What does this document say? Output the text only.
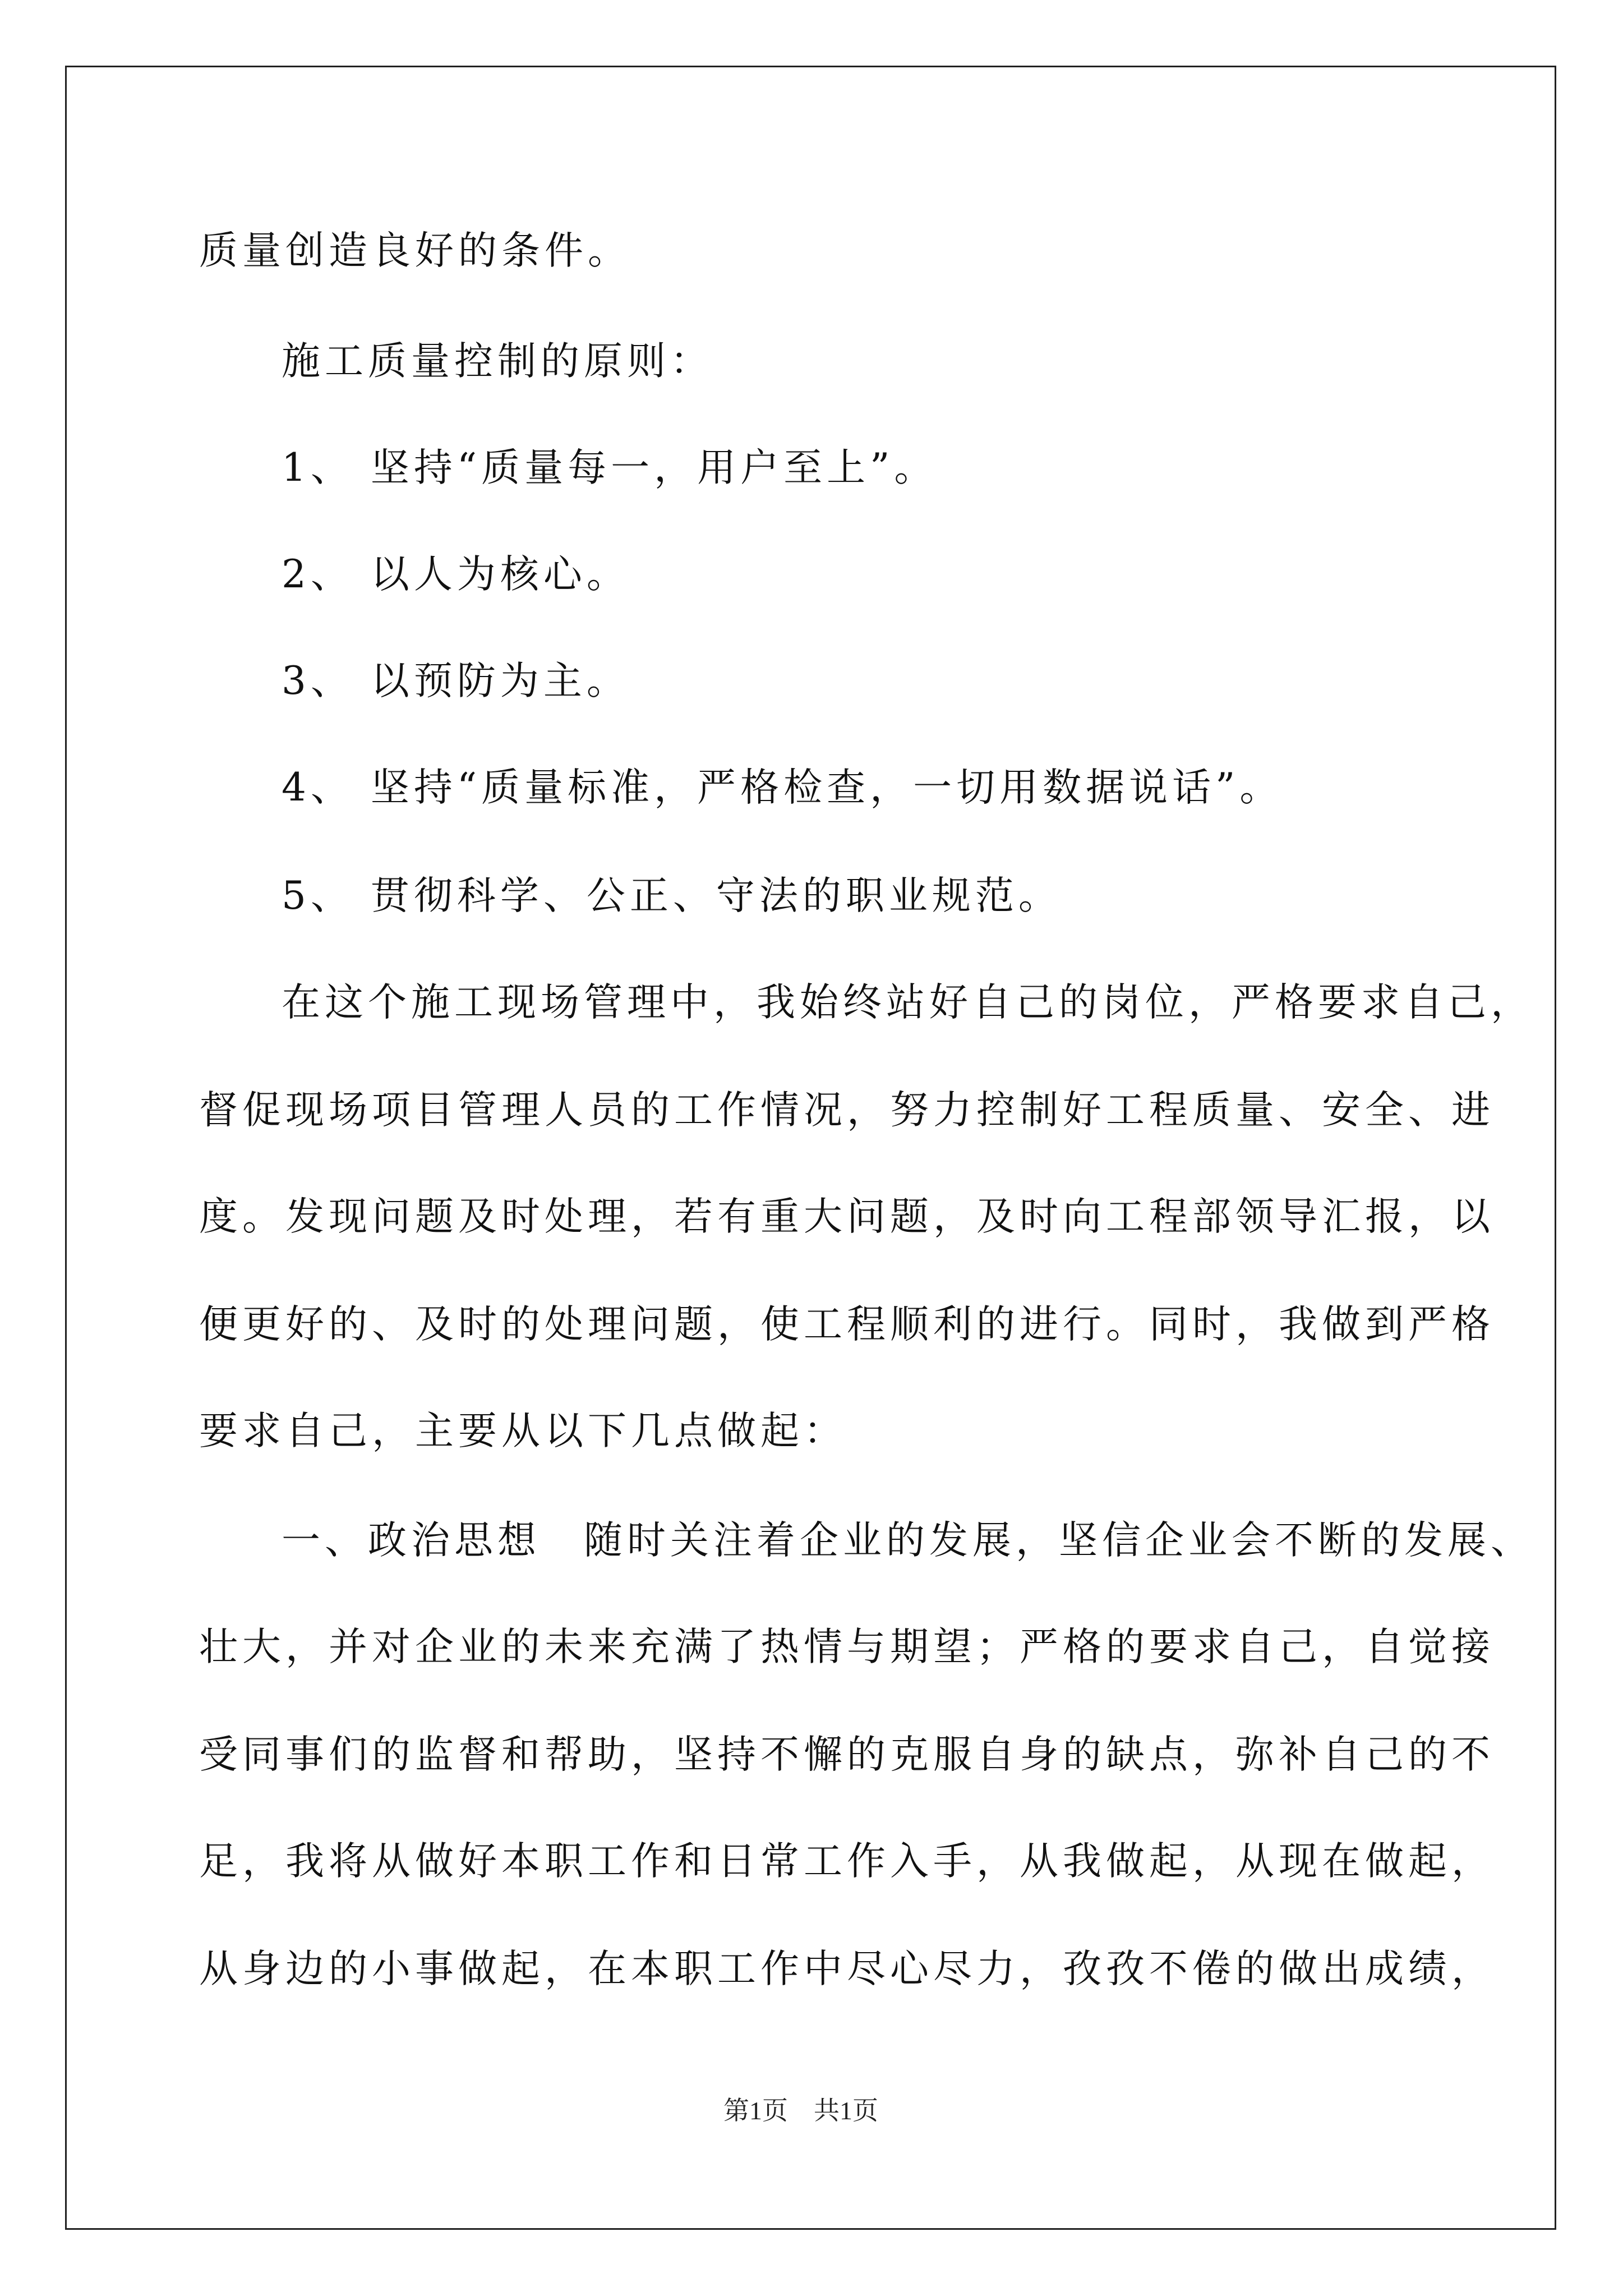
质量创造良好的条件。
施工质量控制的原则：
1、 坚持“质量每一，用户至上”。
2、 以人为核心。
3、 以预防为主。
4、 坚持“质量标准，严格检查，一切用数据说话”。
5、 贯彻科学、公正、守法的职业规范。
在这个施工现场管理中，我始终站好自己的岗位，严格要求自己，
督促现场项目管理人员的工作情况，努力控制好工程质量、安全、进
度。发现问题及时处理，若有重大问题，及时向工程部领导汇报，以
便更好的、及时的处理问题，使工程顺利的进行。同时，我做到严格
要求自己，主要从以下几点做起：
一、政治思想　随时关注着企业的发展，坚信企业会不断的发展、
壮大，并对企业的未来充满了热情与期望；严格的要求自己，自觉接
受同事们的监督和帮助，坚持不懈的克服自身的缺点，弥补自己的不
足，我将从做好本职工作和日常工作入手，从我做起，从现在做起，
从身边的小事做起，在本职工作中尽心尽力，孜孜不倦的做出成绩，
第1页　共1页
